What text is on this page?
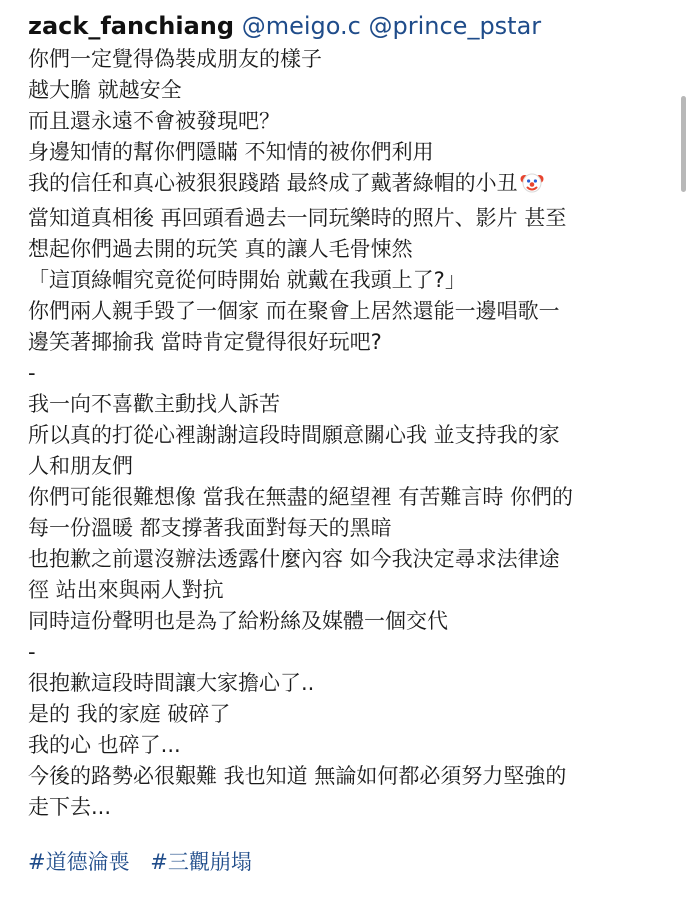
zack_fanchiang @meigo.c @prince_pstar
你們一定覺得偽裝成朋友的樣子
越大膽 就越安全
而且還永遠不會被發現吧？
身邊知情的幫你們隱瞞 不知情的被你們利用
我的信任和真心被狠狠踐踏 最終成了戴著綠帽的小丑
當知道真相後 再回頭看過去一同玩樂時的照片、影片 甚至
想起你們過去開的玩笑 真的讓人毛骨悚然
「這頂綠帽究竟從何時開始 就戴在我頭上了?」
你們兩人親手毀了一個家 而在聚會上居然還能一邊唱歌一
邊笑著揶揄我 當時肯定覺得很好玩吧?
-
我一向不喜歡主動找人訴苦
所以真的打從心裡謝謝這段時間願意關心我 並支持我的家
人和朋友們
你們可能很難想像 當我在無盡的絕望裡 有苦難言時 你們的
每一份溫暖 都支撐著我面對每天的黑暗
也抱歉之前還沒辦法透露什麼內容 如今我決定尋求法律途
徑 站出來與兩人對抗
同時這份聲明也是為了給粉絲及媒體一個交代
-
很抱歉這段時間讓大家擔心了..
是的 我的家庭 破碎了
我的心 也碎了...
今後的路勢必很艱難 我也知道 無論如何都必須努力堅強的
走下去...
#道德淪喪 #三觀崩塌
